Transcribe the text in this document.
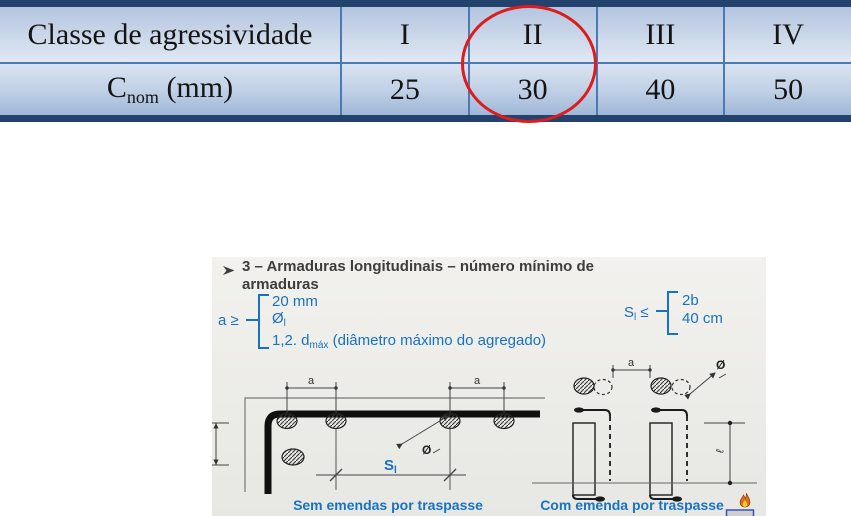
Classe de agressividade	I	II	III	IV
$C_{nom}$ (mm)	25	30	40	50
3 – Armaduras longitudinais – número mínimo de
armaduras
a ≥
20 mm
$Ø_l$
1,2. $d_{máx}$ (diâmetro máximo do agregado)
$S_l$ ≤
2b
40 cm
a	a
$S_l$
Ø
Sem emendas por traspasse
a	Ø
ℓ
Com emenda por traspasse
